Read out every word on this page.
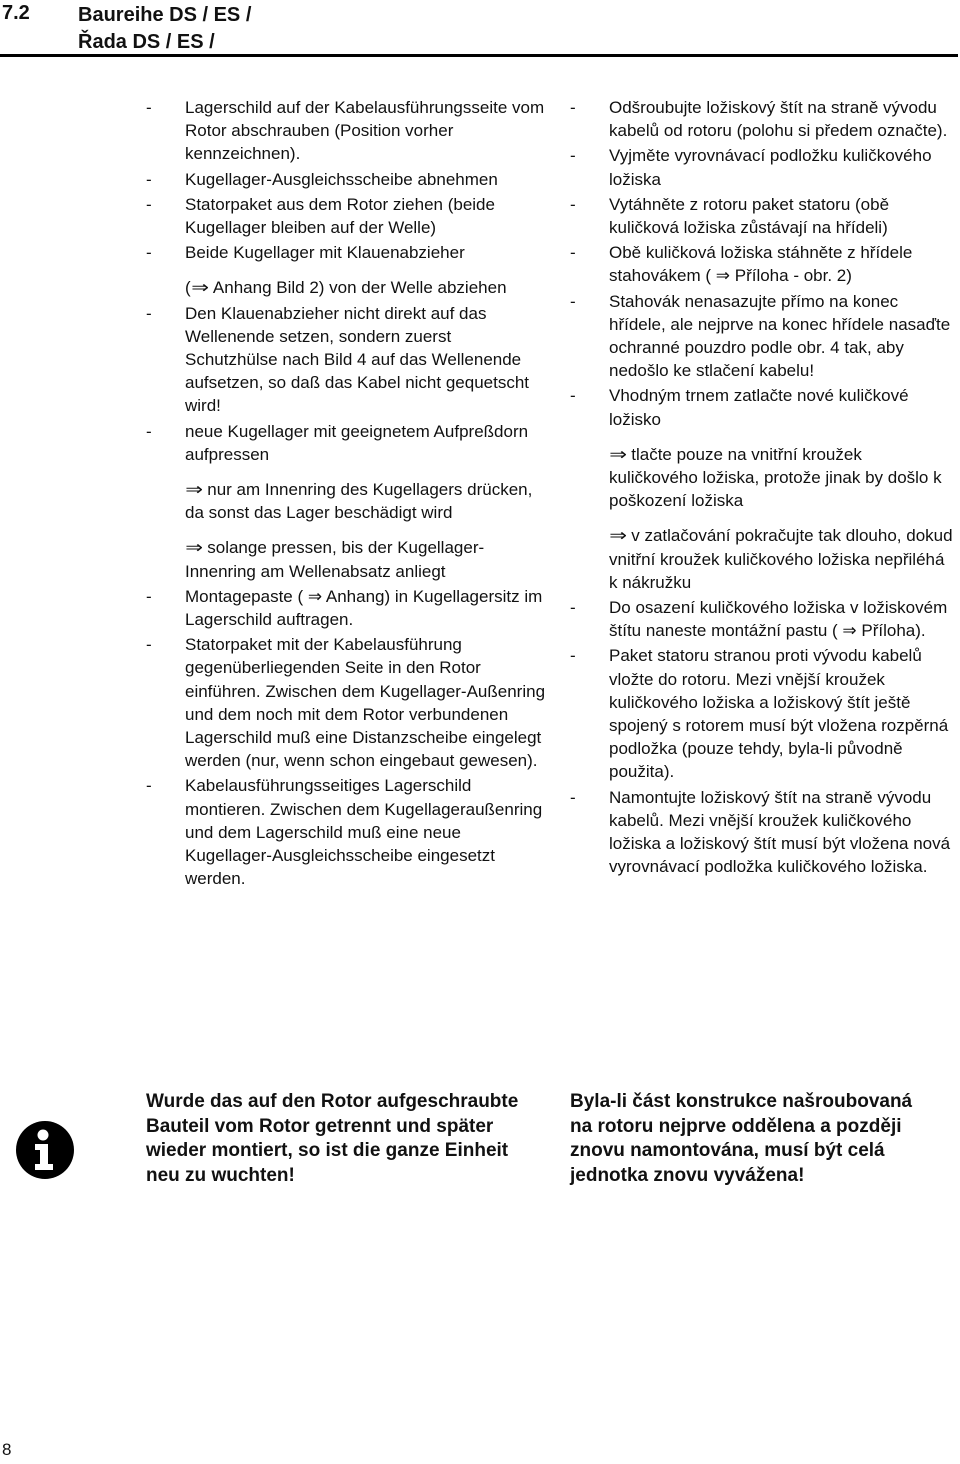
7.2 Baureihe DS / ES /
Řada DS / ES /
- Lagerschild auf der Kabelausführungsseite vom Rotor abschrauben (Position vorher kennzeichnen).
- Kugellager-Ausgleichsscheibe abnehmen
- Statorpaket aus dem Rotor ziehen (beide Kugellager bleiben auf der Welle)
- Beide Kugellager mit Klauenabzieher
(⇒ Anhang Bild 2) von der Welle abziehen
- Den Klauenabzieher nicht direkt auf das Wellenende setzen, sondern zuerst Schutzhülse nach Bild 4 auf das Wellenende aufsetzen, so daß das Kabel nicht gequetscht wird!
- neue Kugellager mit geeignetem Aufpreßdorn aufpressen
⇒ nur am Innenring des Kugellagers drücken, da sonst das Lager beschädigt wird
⇒ solange pressen, bis der Kugellager-Innenring am Wellenabsatz anliegt
- Montagepaste ( ⇒ Anhang) in Kugellagersitz im Lagerschild auftragen.
- Statorpaket mit der Kabelausführung gegenüberliegenden Seite in den Rotor einführen. Zwischen dem Kugellager-Außenring und dem noch mit dem Rotor verbundenen Lagerschild muß eine Distanzscheibe eingelegt werden (nur, wenn schon eingebaut gewesen).
- Kabelausführungsseitiges Lagerschild montieren. Zwischen dem Kugellageraußenring und dem Lagerschild muß eine neue Kugellager-Ausgleichsscheibe eingesetzt werden.
- Odšroubujte ložiskový štít na straně vývodu kabelů od rotoru (polohu si předem označte).
- Vyjměte vyrovnávací podložku kuličkového ložiska
- Vytáhněte z rotoru paket statoru (obě kuličková ložiska zůstávají na hřídeli)
- Obě kuličková ložiska stáhněte z hřídele stahovákem ( ⇒ Příloha - obr. 2)
- Stahovák nenasazujte přímo na konec hřídele, ale nejprve na konec hřídele nasaďte ochranné pouzdro podle obr. 4 tak, aby nedošlo ke stlačení kabelu!
- Vhodným trnem zatlačte nové kuličkové ložisko
⇒ tlačte pouze na vnitřní kroužek kuličkového ložiska, protože jinak by došlo k poškození ložiska
⇒ v zatlačování pokračujte tak dlouho, dokud vnitřní kroužek kuličkového ložiska nepřiléhá k nákružku
- Do osazení kuličkového ložiska v ložiskovém štítu naneste montážní pastu ( ⇒ Příloha).
- Paket statoru stranou proti vývodu kabelů vložte do rotoru. Mezi vnější kroužek kuličkového ložiska a ložiskový štít ještě spojený s rotorem musí být vložena rozpěrná podložka (pouze tehdy, byla-li původně použita).
- Namontujte ložiskový štít na straně vývodu kabelů. Mezi vnější kroužek kuličkového ložiska a ložiskový štít musí být vložena nová vyrovnávací podložka kuličkového ložiska.
Wurde das auf den Rotor aufgeschraubte Bauteil vom Rotor getrennt und später wieder montiert, so ist die ganze Einheit neu zu wuchten!
Byla-li část konstrukce našroubovaná na rotoru nejprve oddělena a později znovu namontována, musí být celá jednotka znovu vyvážena!
8
